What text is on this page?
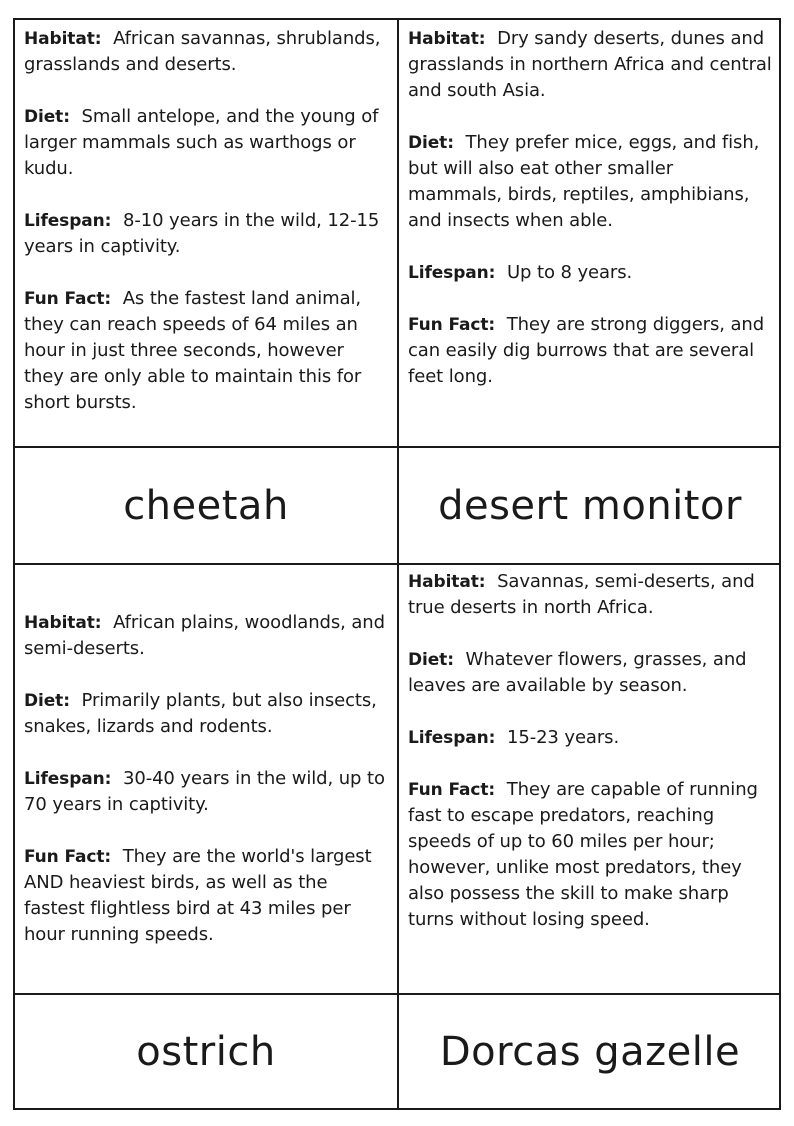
Habitat:  African savannas, shrublands, grasslands and deserts.
Diet:  Small antelope, and the young of larger mammals such as warthogs or kudu.
Lifespan:  8-10 years in the wild, 12-15 years in captivity.
Fun Fact:  As the fastest land animal, they can reach speeds of 64 miles an hour in just three seconds, however they are only able to maintain this for short bursts.
Habitat:  Dry sandy deserts, dunes and grasslands in northern Africa and central and south Asia.
Diet:  They prefer mice, eggs, and fish, but will also eat other smaller mammals, birds, reptiles, amphibians, and insects when able.
Lifespan:  Up to 8 years.
Fun Fact:  They are strong diggers, and can easily dig burrows that are several feet long.
cheetah	desert monitor
Habitat:  African plains, woodlands, and semi-deserts.
Diet:  Primarily plants, but also insects, snakes, lizards and rodents.
Lifespan:  30-40 years in the wild, up to 70 years in captivity.
Fun Fact:  They are the world's largest AND heaviest birds, as well as the fastest flightless bird at 43 miles per hour running speeds.
Habitat:  Savannas, semi-deserts, and true deserts in north Africa.
Diet:  Whatever flowers, grasses, and leaves are available by season.
Lifespan:  15-23 years.
Fun Fact:  They are capable of running fast to escape predators, reaching speeds of up to 60 miles per hour; however, unlike most predators, they also possess the skill to make sharp turns without losing speed.
ostrich	Dorcas gazelle
